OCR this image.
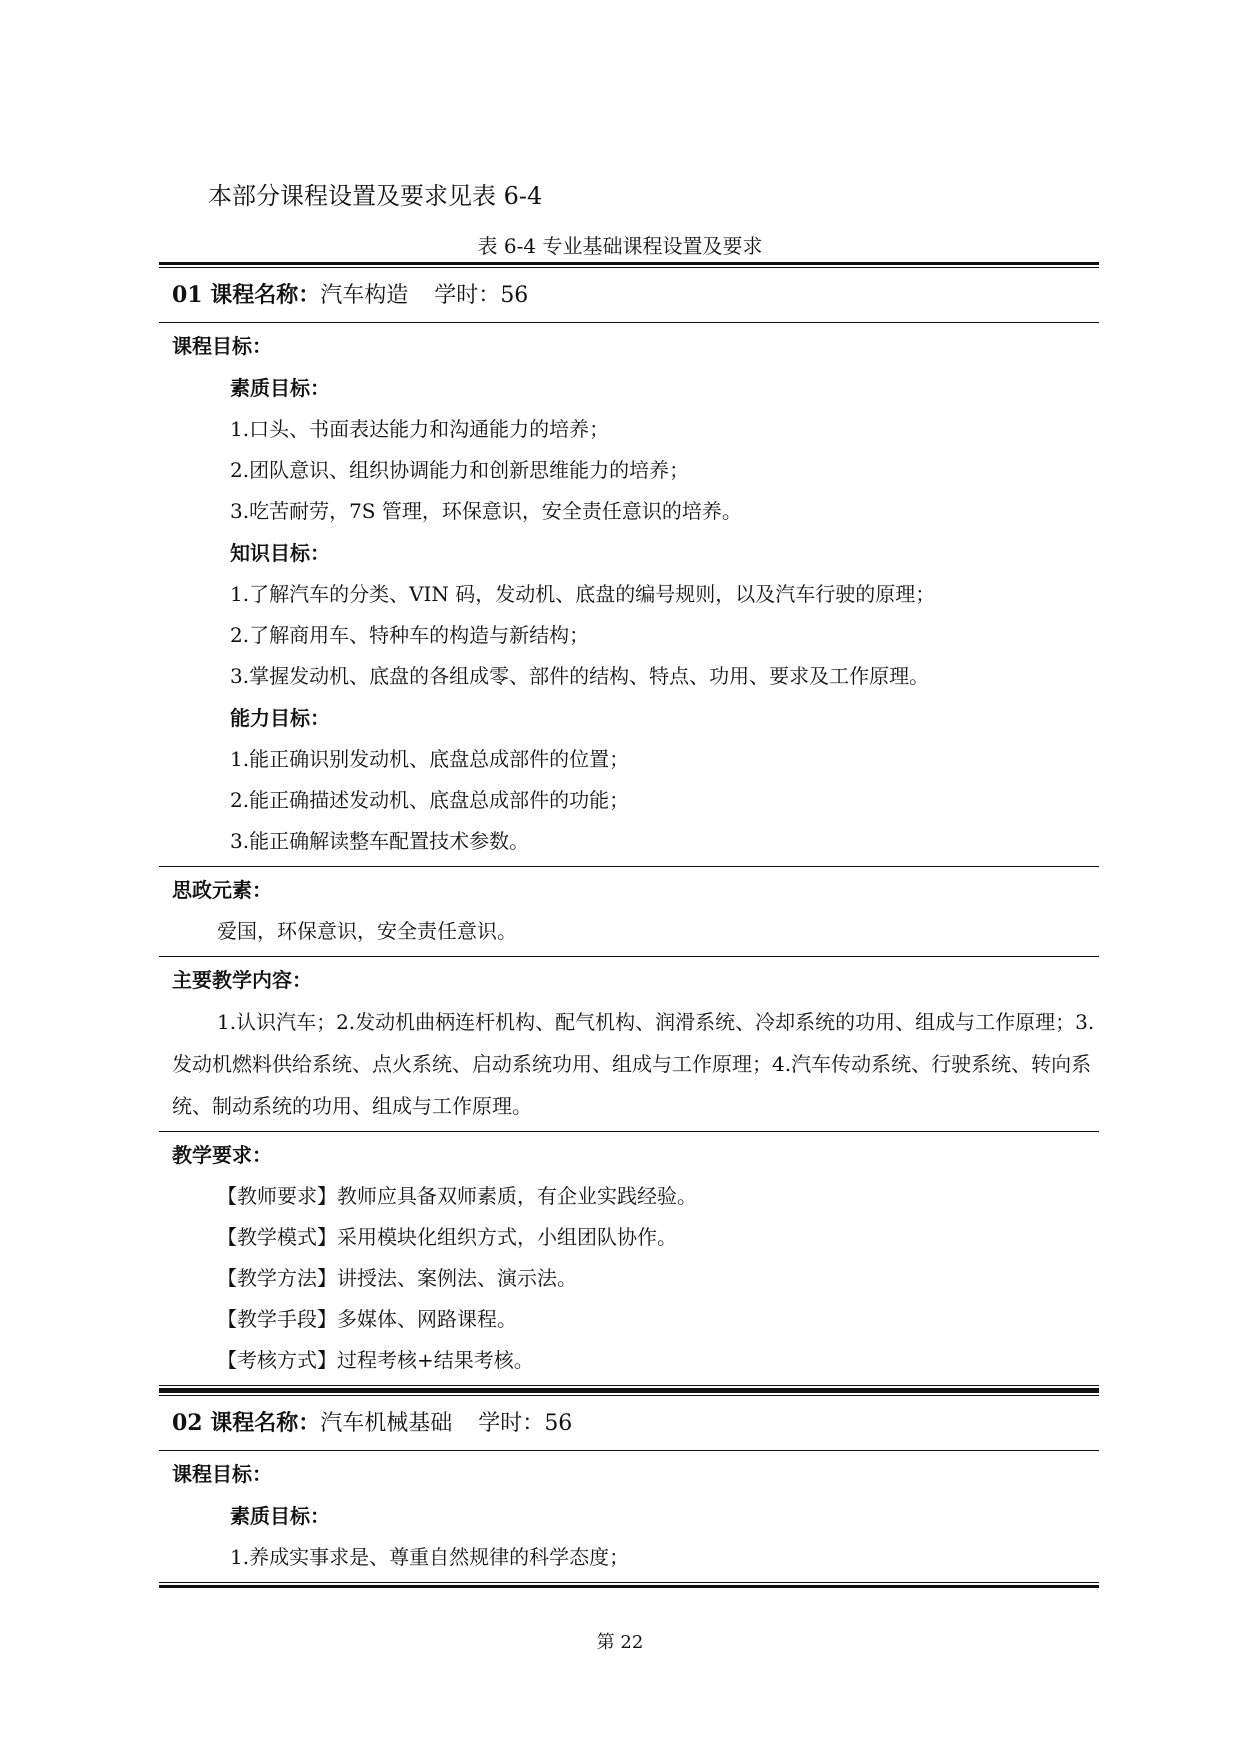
本部分课程设置及要求见表 6-4

表 6-4 专业基础课程设置及要求

01 课程名称：汽车构造 学时：56
课程目标：
素质目标：
1.口头、书面表达能力和沟通能力的培养；
2.团队意识、组织协调能力和创新思维能力的培养；
3.吃苦耐劳，7S 管理，环保意识，安全责任意识的培养。
知识目标：
1.了解汽车的分类、VIN 码，发动机、底盘的编号规则，以及汽车行驶的原理；
2.了解商用车、特种车的构造与新结构；
3.掌握发动机、底盘的各组成零、部件的结构、特点、功用、要求及工作原理。
能力目标：
1.能正确识别发动机、底盘总成部件的位置；
2.能正确描述发动机、底盘总成部件的功能；
3.能正确解读整车配置技术参数。
思政元素：
爱国，环保意识，安全责任意识。
主要教学内容：

1.认识汽车；2.发动机曲柄连杆机构、配气机构、润滑系统、冷却系统的功用、组成与工作原理；3.发动机燃料供给系统、点火系统、启动系统功用、组成与工作原理；4.汽车传动系统、行驶系统、转向系统、制动系统的功用、组成与工作原理。

教学要求：
【教师要求】教师应具备双师素质，有企业实践经验。
【教学模式】采用模块化组织方式，小组团队协作。
【教学方法】讲授法、案例法、演示法。
【教学手段】多媒体、网路课程。
【考核方式】过程考核+结果考核。
02 课程名称：汽车机械基础 学时：56
课程目标：
素质目标：
1.养成实事求是、尊重自然规律的科学态度；

第 22
